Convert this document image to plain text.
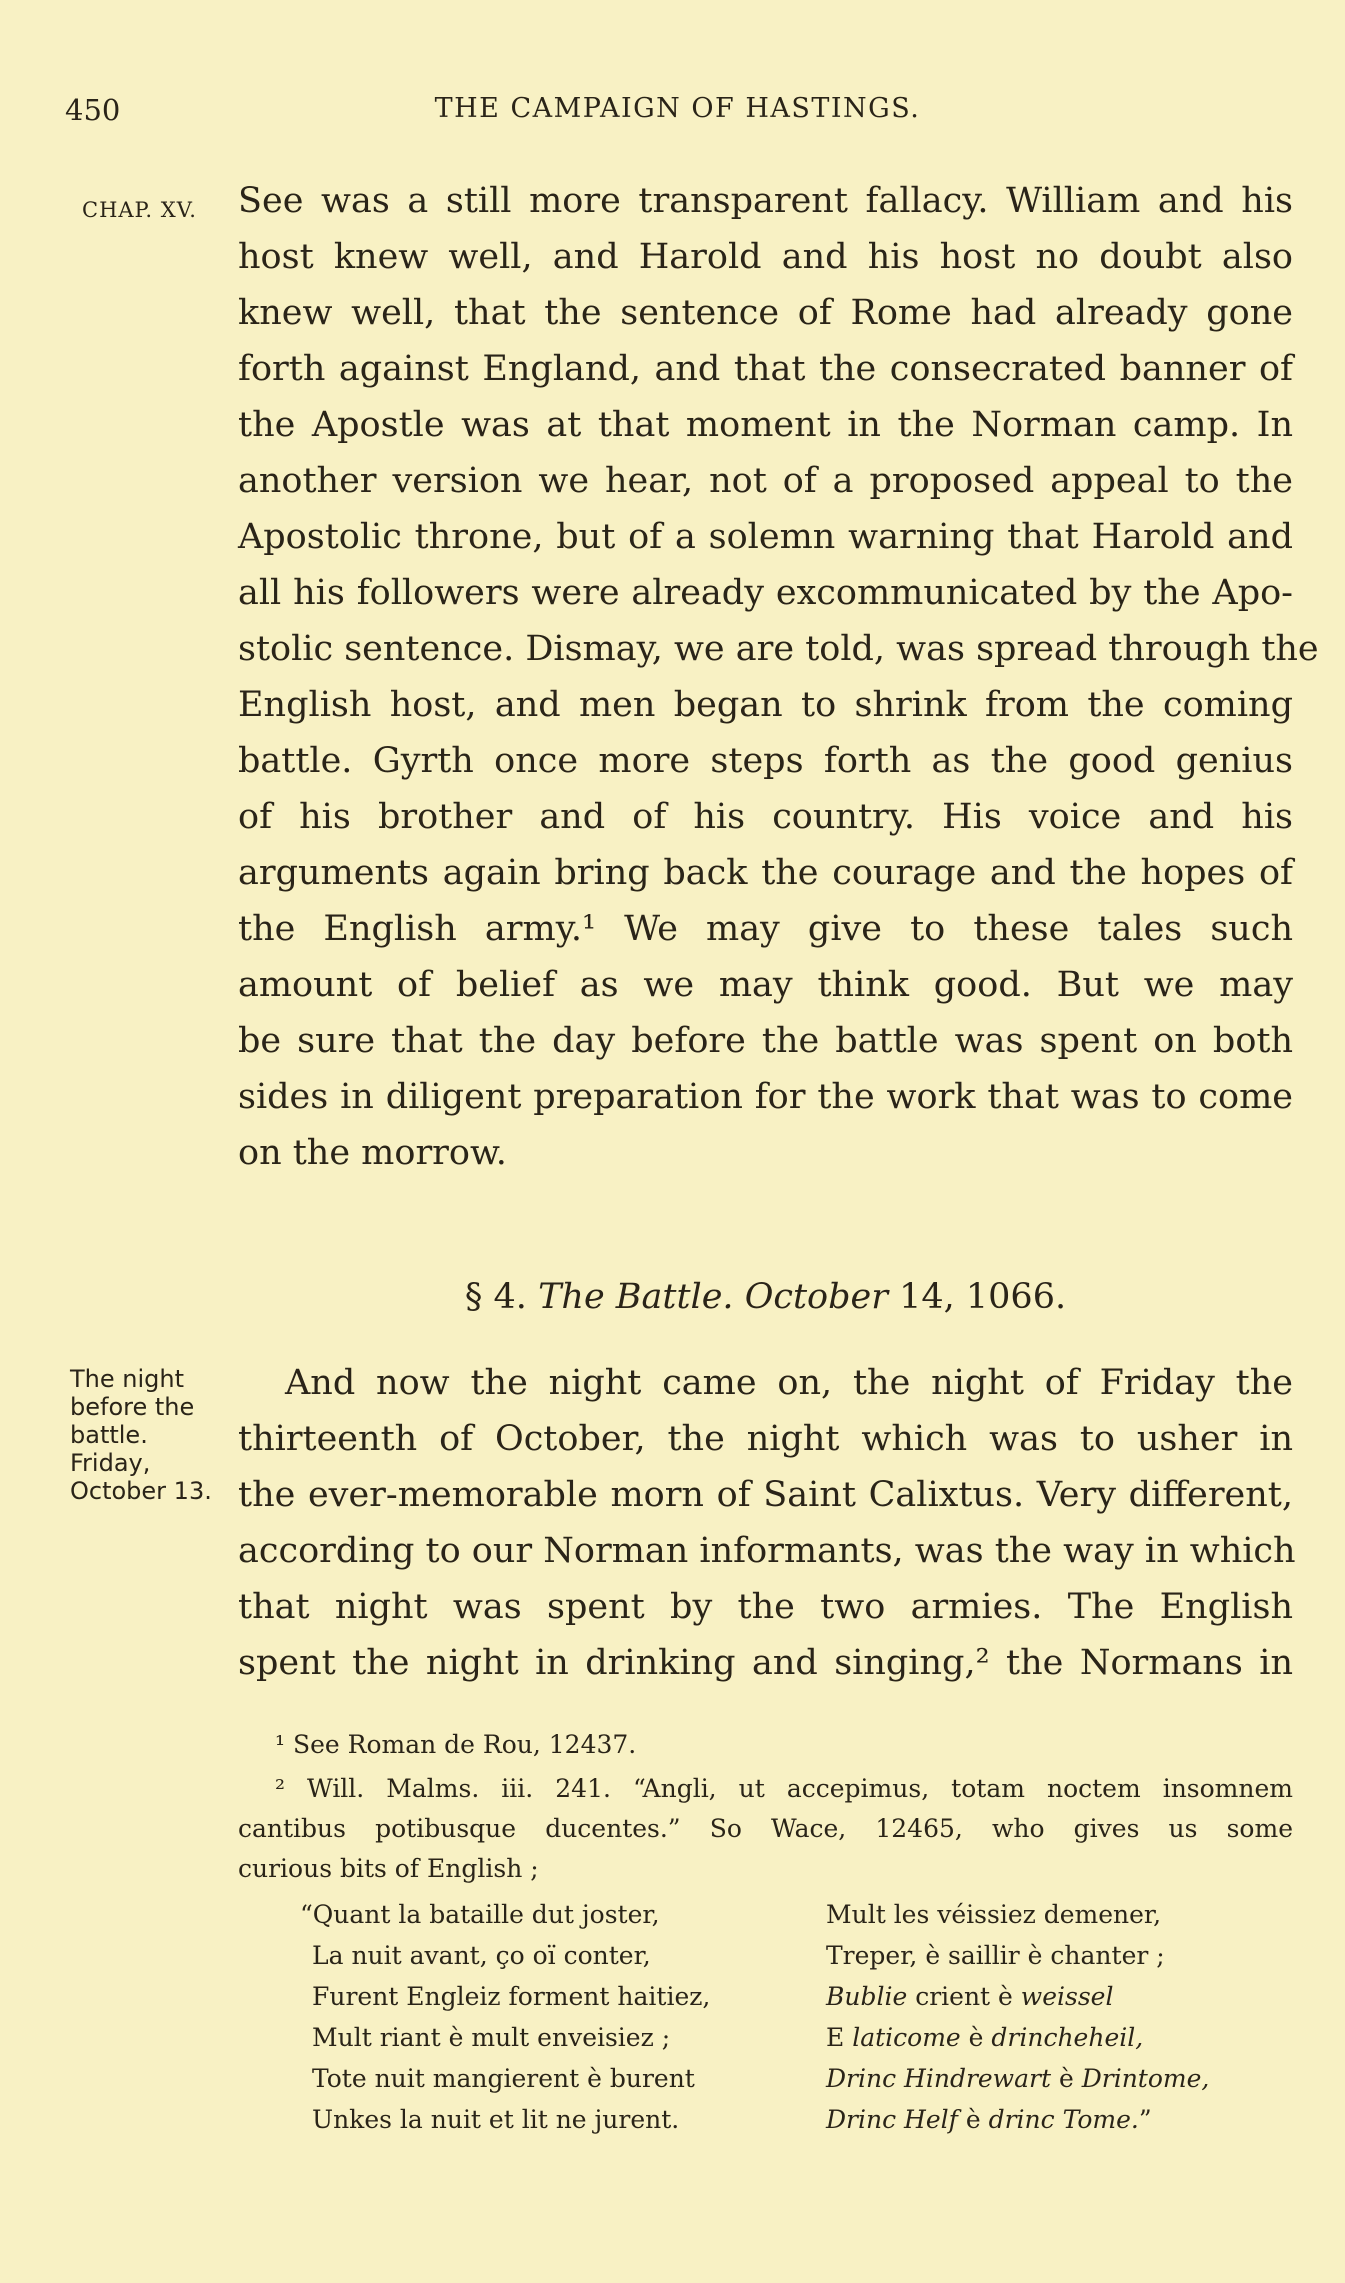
450	THE CAMPAIGN OF HASTINGS.
CHAP. XV. See was a still more transparent fallacy. William and his
host knew well, and Harold and his host no doubt also
knew well, that the sentence of Rome had already gone
forth against England, and that the consecrated banner of
the Apostle was at that moment in the Norman camp. In
another version we hear, not of a proposed appeal to the
Apostolic throne, but of a solemn warning that Harold and
all his followers were already excommunicated by the Apo-
stolic sentence. Dismay, we are told, was spread through the
English host, and men began to shrink from the coming
battle. Gyrth once more steps forth as the good genius
of his brother and of his country. His voice and his
arguments again bring back the courage and the hopes of
the English army.¹ We may give to these tales such
amount of belief as we may think good. But we may
be sure that the day before the battle was spent on both
sides in diligent preparation for the work that was to come
on the morrow.
§ 4. The Battle. October 14, 1066.
The night
before the
battle.
Friday,
October 13.
And now the night came on, the night of Friday the
thirteenth of October, the night which was to usher in
the ever-memorable morn of Saint Calixtus. Very different,
according to our Norman informants, was the way in which
that night was spent by the two armies. The English
spent the night in drinking and singing,² the Normans in
¹ See Roman de Rou, 12437.
² Will. Malms. iii. 241. “Angli, ut accepimus, totam noctem insomnem
cantibus potibusque ducentes.” So Wace, 12465, who gives us some
curious bits of English ;
“Quant la bataille dut joster,
La nuit avant, ço oï conter,
Furent Engleiz forment haitiez,
Mult riant è mult enveisiez ;
Tote nuit mangierent è burent
Unkes la nuit et lit ne jurent.
Mult les véissiez demener,
Treper, è saillir è chanter ;
Bublie crient è weissel
E laticome è drincheheil,
Drinc Hindrewart è Drintome,
Drinc Helf è drinc Tome.”
